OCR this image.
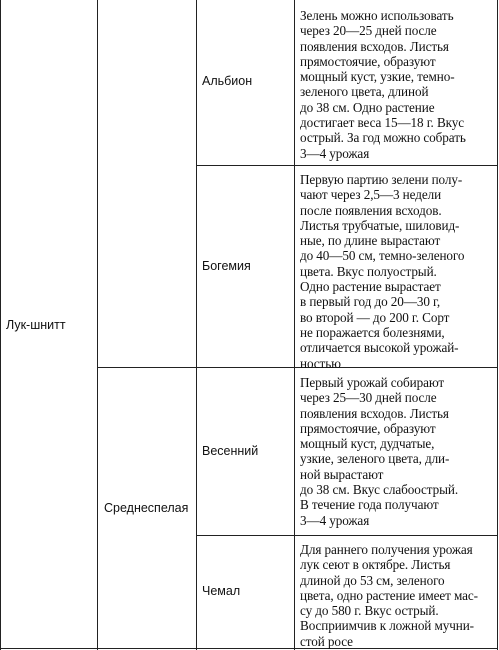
Лук-шнитт
Среднеспелая
Альбион
Богемия
Весенний
Чемал
Зелень можно использовать
через 20—25 дней после
появления всходов. Листья
прямостоячие, образуют
мощный куст, узкие, темно-
зеленого цвета, длиной
до 38 см. Одно растение
достигает веса 15—18 г. Вкус
острый. За год можно собрать
3—4 урожая
Первую партию зелени полу-
чают через 2,5—3 недели
после появления всходов.
Листья трубчатые, шиловид-
ные, по длине вырастают
до 40—50 см, темно-зеленого
цвета. Вкус полуострый.
Одно растение вырастает
в первый год до 20—30 г,
во второй — до 200 г. Сорт
не поражается болезнями,
отличается высокой урожай-
ностью
Первый урожай собирают
через 25—30 дней после
появления всходов. Листья
прямостоячие, образуют
мощный куст, дудчатые,
узкие, зеленого цвета, дли-
ной вырастают
до 38 см. Вкус слабоострый.
В течение года получают
3—4 урожая
Для раннего получения урожая
лук сеют в октябре. Листья
длиной до 53 см, зеленого
цвета, одно растение имеет мас-
су до 580 г. Вкус острый.
Восприимчив к ложной мучни-
стой росе
